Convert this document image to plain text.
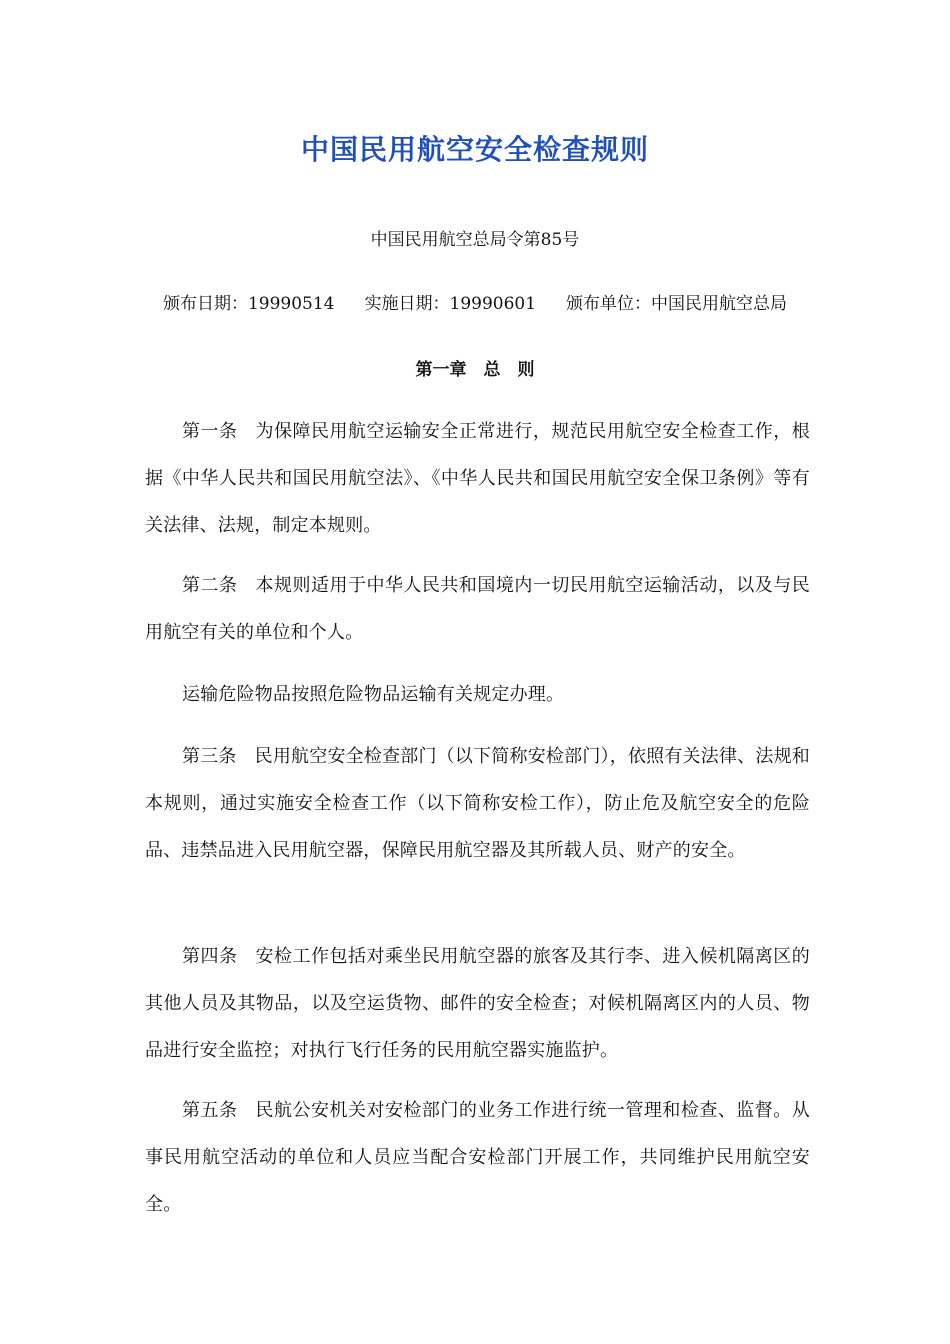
中国民用航空安全检查规则
中国民用航空总局令第85号
颁布日期：19990514 实施日期：19990601 颁布单位：中国民用航空总局
第一章　总　则

第一条 为保障民用航空运输安全正常进行，规范民用航空安全检查工作，根据《中华人民共和国民用航空法》、《中华人民共和国民用航空安全保卫条例》等有关法律、法规，制定本规则。

第二条 本规则适用于中华人民共和国境内一切民用航空运输活动，以及与民用航空有关的单位和个人。

运输危险物品按照危险物品运输有关规定办理。

第三条 民用航空安全检查部门（以下简称安检部门），依照有关法律、法规和本规则，通过实施安全检查工作（以下简称安检工作），防止危及航空安全的危险品、违禁品进入民用航空器，保障民用航空器及其所载人员、财产的安全。

第四条 安检工作包括对乘坐民用航空器的旅客及其行李、进入候机隔离区的其他人员及其物品，以及空运货物、邮件的安全检查；对候机隔离区内的人员、物品进行安全监控；对执行飞行任务的民用航空器实施监护。

第五条 民航公安机关对安检部门的业务工作进行统一管理和检查、监督。从事民用航空活动的单位和人员应当配合安检部门开展工作，共同维护民用航空安全。
